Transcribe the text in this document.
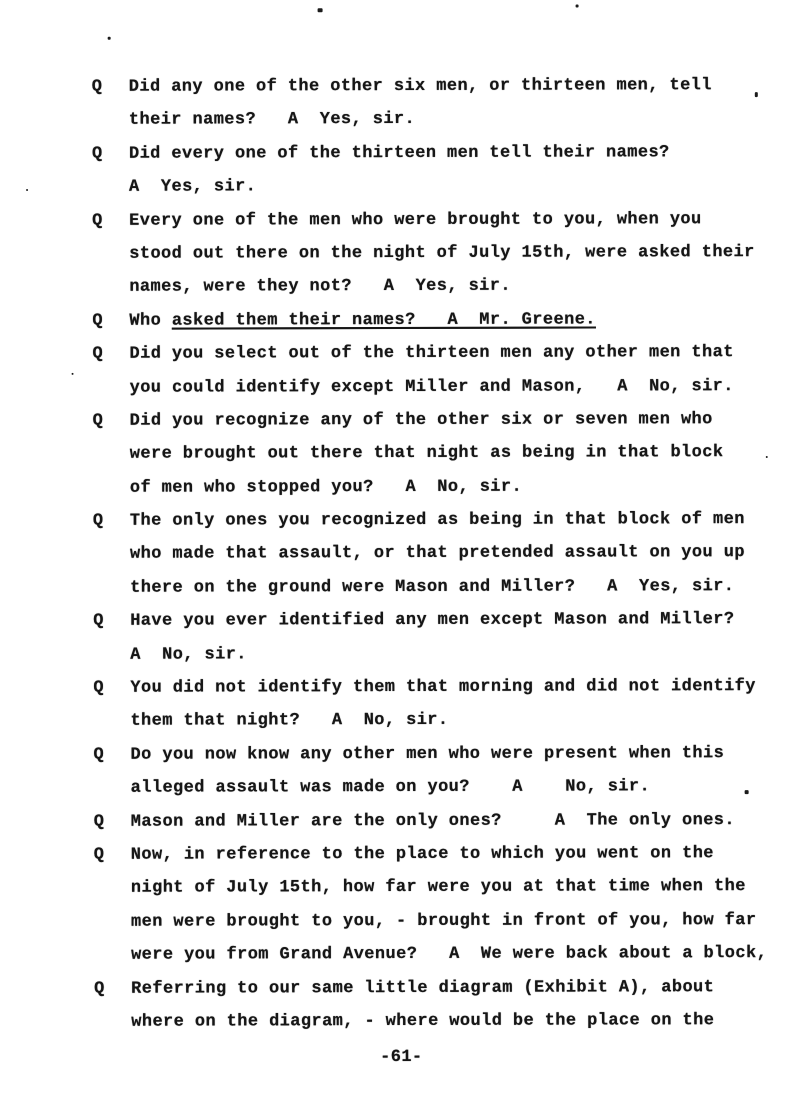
Q	Did any one of the other six men, or thirteen men, tell
their names?   A  Yes, sir.
Q	Did every one of the thirteen men tell their names?
A  Yes, sir.
Q	Every one of the men who were brought to you, when you
stood out there on the night of July 15th, were asked their
names, were they not?   A  Yes, sir.
Q	Who asked them their names?   A  Mr. Greene.
Q	Did you select out of the thirteen men any other men that
you could identify except Miller and Mason,   A  No, sir.
Q	Did you recognize any of the other six or seven men who
were brought out there that night as being in that block
of men who stopped you?   A  No, sir.
Q	The only ones you recognized as being in that block of men
who made that assault, or that pretended assault on you up
there on the ground were Mason and Miller?   A  Yes, sir.
Q	Have you ever identified any men except Mason and Miller?
A  No, sir.
Q	You did not identify them that morning and did not identify
them that night?   A  No, sir.
Q	Do you now know any other men who were present when this
alleged assault was made on you?    A    No, sir.
Q	Mason and Miller are the only ones?     A  The only ones.
Q	Now, in reference to the place to which you went on the
night of July 15th, how far were you at that time when the
men were brought to you, - brought in front of you, how far
were you from Grand Avenue?   A  We were back about a block,
Q	Referring to our same little diagram (Exhibit A), about
where on the diagram, - where would be the place on the
-61-
